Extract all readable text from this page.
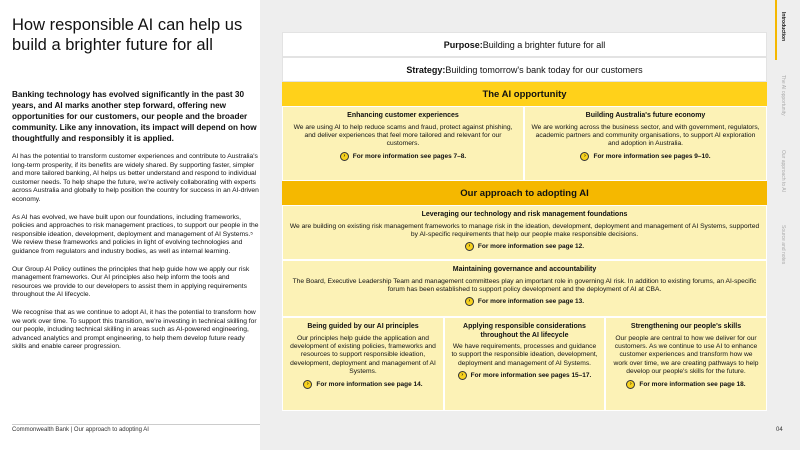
How responsible AI can help us build a brighter future for all

Banking technology has evolved significantly in the past 30 years, and AI marks another step forward, offering new opportunities for our customers, our people and the broader community. Like any innovation, its impact will depend on how thoughtfully and responsibly it is applied.

AI has the potential to transform customer experiences and contribute to Australia's long-term prosperity, if its benefits are widely shared. By supporting faster, simpler and more tailored banking, AI helps us better understand and respond to individual customer needs. To help shape the future, we're actively collaborating with experts across Australia and globally to help position the country for success in an AI-driven economy.

As AI has evolved, we have built upon our foundations, including frameworks, policies and approaches to risk management practices, to support our people in the responsible ideation, development, deployment and management of AI Systems.⁵ We review these frameworks and policies in light of evolving technologies and guidance from regulators and industry bodies, as well as internal learning.

Our Group AI Policy outlines the principles that help guide how we apply our risk management frameworks. Our AI principles also help inform the tools and resources we provide to our developers to assist them in applying requirements throughout the AI lifecycle.

We recognise that as we continue to adopt AI, it has the potential to transform how we work over time. To support this transition, we're investing in technical skilling for our people, including technical skilling in areas such as AI-powered engineering, advanced analytics and prompt engineering, to help them develop future ready skills and enable career progression.

Commonwealth Bank | Our approach to adopting AI
Purpose: Building a brighter future for all
Strategy: Building tomorrow's bank today for our customers
The AI opportunity
Enhancing customer experiences

We are using AI to help reduce scams and fraud, protect against phishing, and deliver experiences that feel more tailored and relevant for our customers.

›	For more information see pages 7–8.
Building Australia's future economy

We are working across the business sector, and with government, regulators, academic partners and community organisations, to support AI exploration and adoption in Australia.

›	For more information see pages 9–10.
Our approach to adopting AI
Leveraging our technology and risk management foundations

We are building on existing risk management frameworks to manage risk in the ideation, development, deployment and management of AI Systems, supported by AI-specific requirements that help our people make responsible decisions.

›	For more information see page 12.
Maintaining governance and accountability

The Board, Executive Leadership Team and management committees play an important role in governing AI risk. In addition to existing forums, an AI-specific forum has been established to support policy development and the deployment of AI at CBA.

›	For more information see page 13.
Being guided by our AI principles

Our principles help guide the application and development of existing policies, frameworks and resources to support responsible ideation, development, deployment and management of AI Systems.

›	For more information see page 14.
Applying responsible considerations throughout the AI lifecycle

We have requirements, processes and guidance to support the responsible ideation, development, deployment and management of AI Systems.

›	For more information see pages 15–17.
Strengthening our people's skills

Our people are central to how we deliver for our customers. As we continue to use AI to enhance customer experiences and transform how we work over time, we are creating pathways to help develop our people's skills for the future.

›	For more information see page 18.
Introduction
The AI opportunity
Our approach to AI
Source and notes
04
